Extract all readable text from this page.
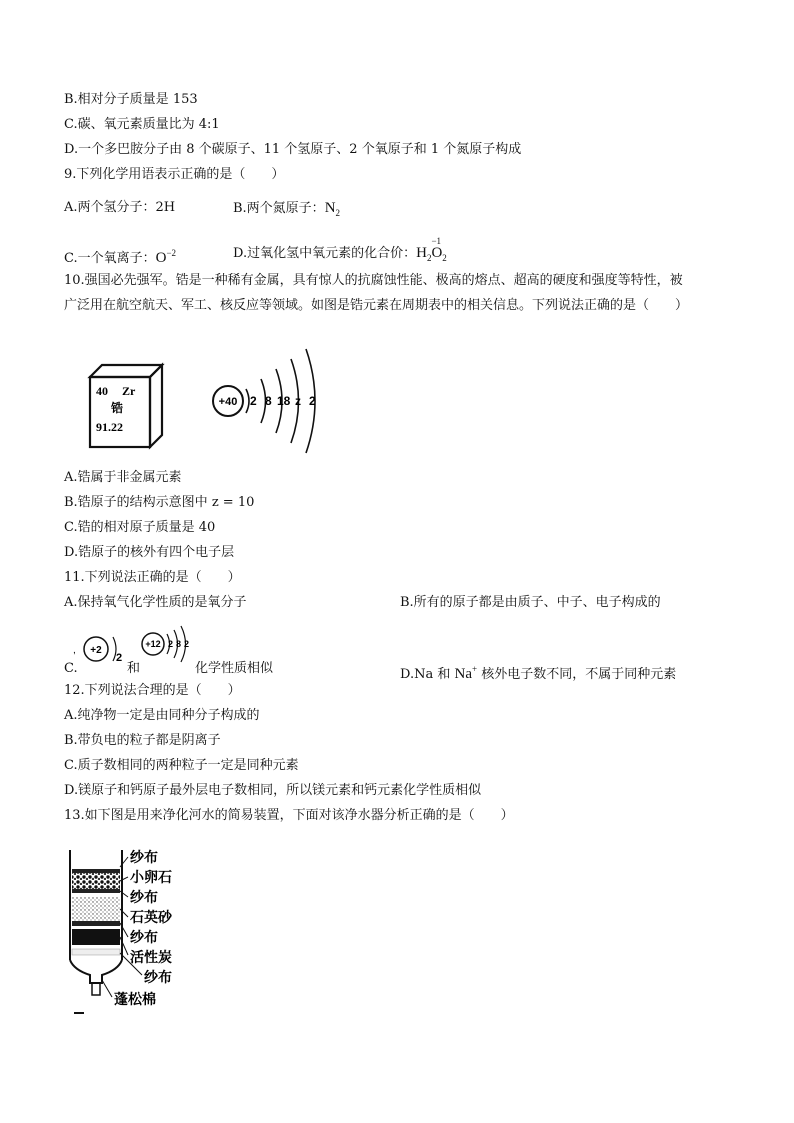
B.相对分子质量是 153
C.碳、氧元素质量比为 4:1
D.一个多巴胺分子由 8 个碳原子、11 个氢原子、2 个氧原子和 1 个氮原子构成
9.下列化学用语表示正确的是（　　）
A.两个氢分子：2H	B.两个氮原子：$N_2$
C.一个氧离子：$O^{-2}$	D.过氧化氢中氧元素的化合价：$H_2$
−1
$O_2$
10.强国必先强军。锆是一种稀有金属，具有惊人的抗腐蚀性能、极高的熔点、超高的硬度和强度等特性，被
广泛用在航空航天、军工、核反应等领域。如图是锆元素在周期表中的相关信息。下列说法正确的是（　　）
40 Zr
锆
91.22
+40 2 8 18 z 2
A.锆属于非金属元素
B.锆原子的结构示意图中 z = 10
C.锆的相对原子质量是 40
D.锆原子的核外有四个电子层
11.下列说法正确的是（　　）
A.保持氧气化学性质的是氧分子	B.所有的原子都是由质子、中子、电子构成的
+2
2
,
+12 2 8 2
C.	和	化学性质相似	D.Na 和 Na+ 核外电子数不同，不属于同种元素
12.下列说法合理的是（　　）
A.纯净物一定是由同种分子构成的
B.带负电的粒子都是阴离子
C.质子数相同的两种粒子一定是同种元素
D.镁原子和钙原子最外层电子数相同，所以镁元素和钙元素化学性质相似
13.如下图是用来净化河水的简易装置，下面对该净水器分析正确的是（　　）
纱布
小卵石
纱布
石英砂
纱布
活性炭
纱布
蓬松棉
